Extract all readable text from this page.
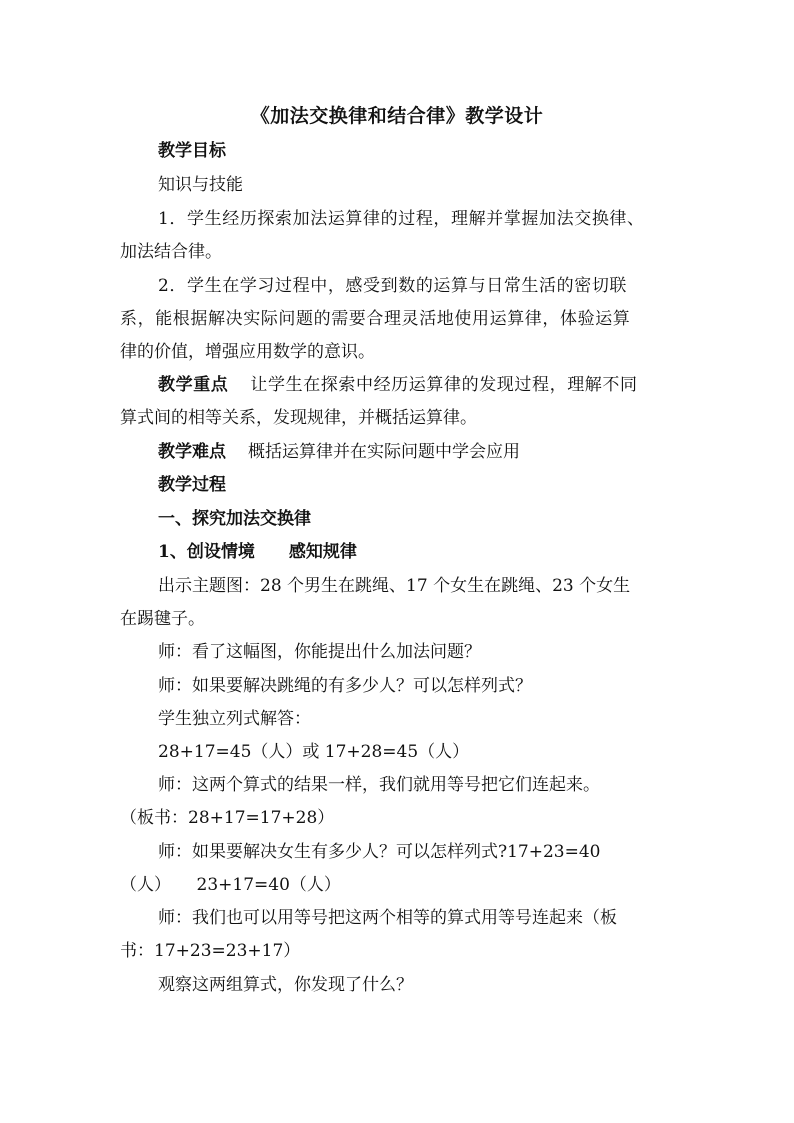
《加法交换律和结合律》教学设计
教学目标
知识与技能
1．学生经历探索加法运算律的过程，理解并掌握加法交换律、
加法结合律。
2．学生在学习过程中，感受到数的运算与日常生活的密切联
系，能根据解决实际问题的需要合理灵活地使用运算律，体验运算
律的价值，增强应用数学的意识。
教学重点 让学生在探索中经历运算律的发现过程，理解不同
算式间的相等关系，发现规律，并概括运算律。
教学难点 概括运算律并在实际问题中学会应用
教学过程
一、探究加法交换律
1、创设情境　　感知规律
出示主题图：28 个男生在跳绳、17 个女生在跳绳、23 个女生
在踢毽子。
师：看了这幅图，你能提出什么加法问题？
师：如果要解决跳绳的有多少人？可以怎样列式？
学生独立列式解答：
28+17=45（人）或 17+28=45（人）
师：这两个算式的结果一样，我们就用等号把它们连起来。
（板书：28+17=17+28）
师：如果要解决女生有多少人？可以怎样列式?17+23=40
（人）　　23+17=40（人）
师：我们也可以用等号把这两个相等的算式用等号连起来（板
书：17+23=23+17）
观察这两组算式，你发现了什么？
